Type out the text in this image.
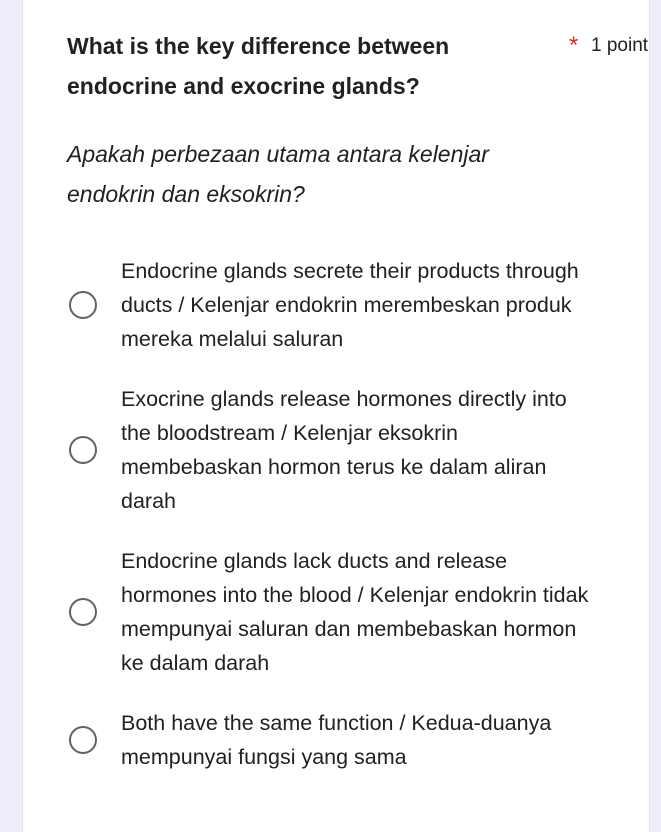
What is the key difference between endocrine and exocrine glands?
* 1 point
Apakah perbezaan utama antara kelenjar endokrin dan eksokrin?
Endocrine glands secrete their products through ducts / Kelenjar endokrin merembeskan produk mereka melalui saluran
Exocrine glands release hormones directly into the bloodstream / Kelenjar eksokrin membebaskan hormon terus ke dalam aliran darah
Endocrine glands lack ducts and release hormones into the blood / Kelenjar endokrin tidak mempunyai saluran dan membebaskan hormon ke dalam darah
Both have the same function / Kedua-duanya mempunyai fungsi yang sama
